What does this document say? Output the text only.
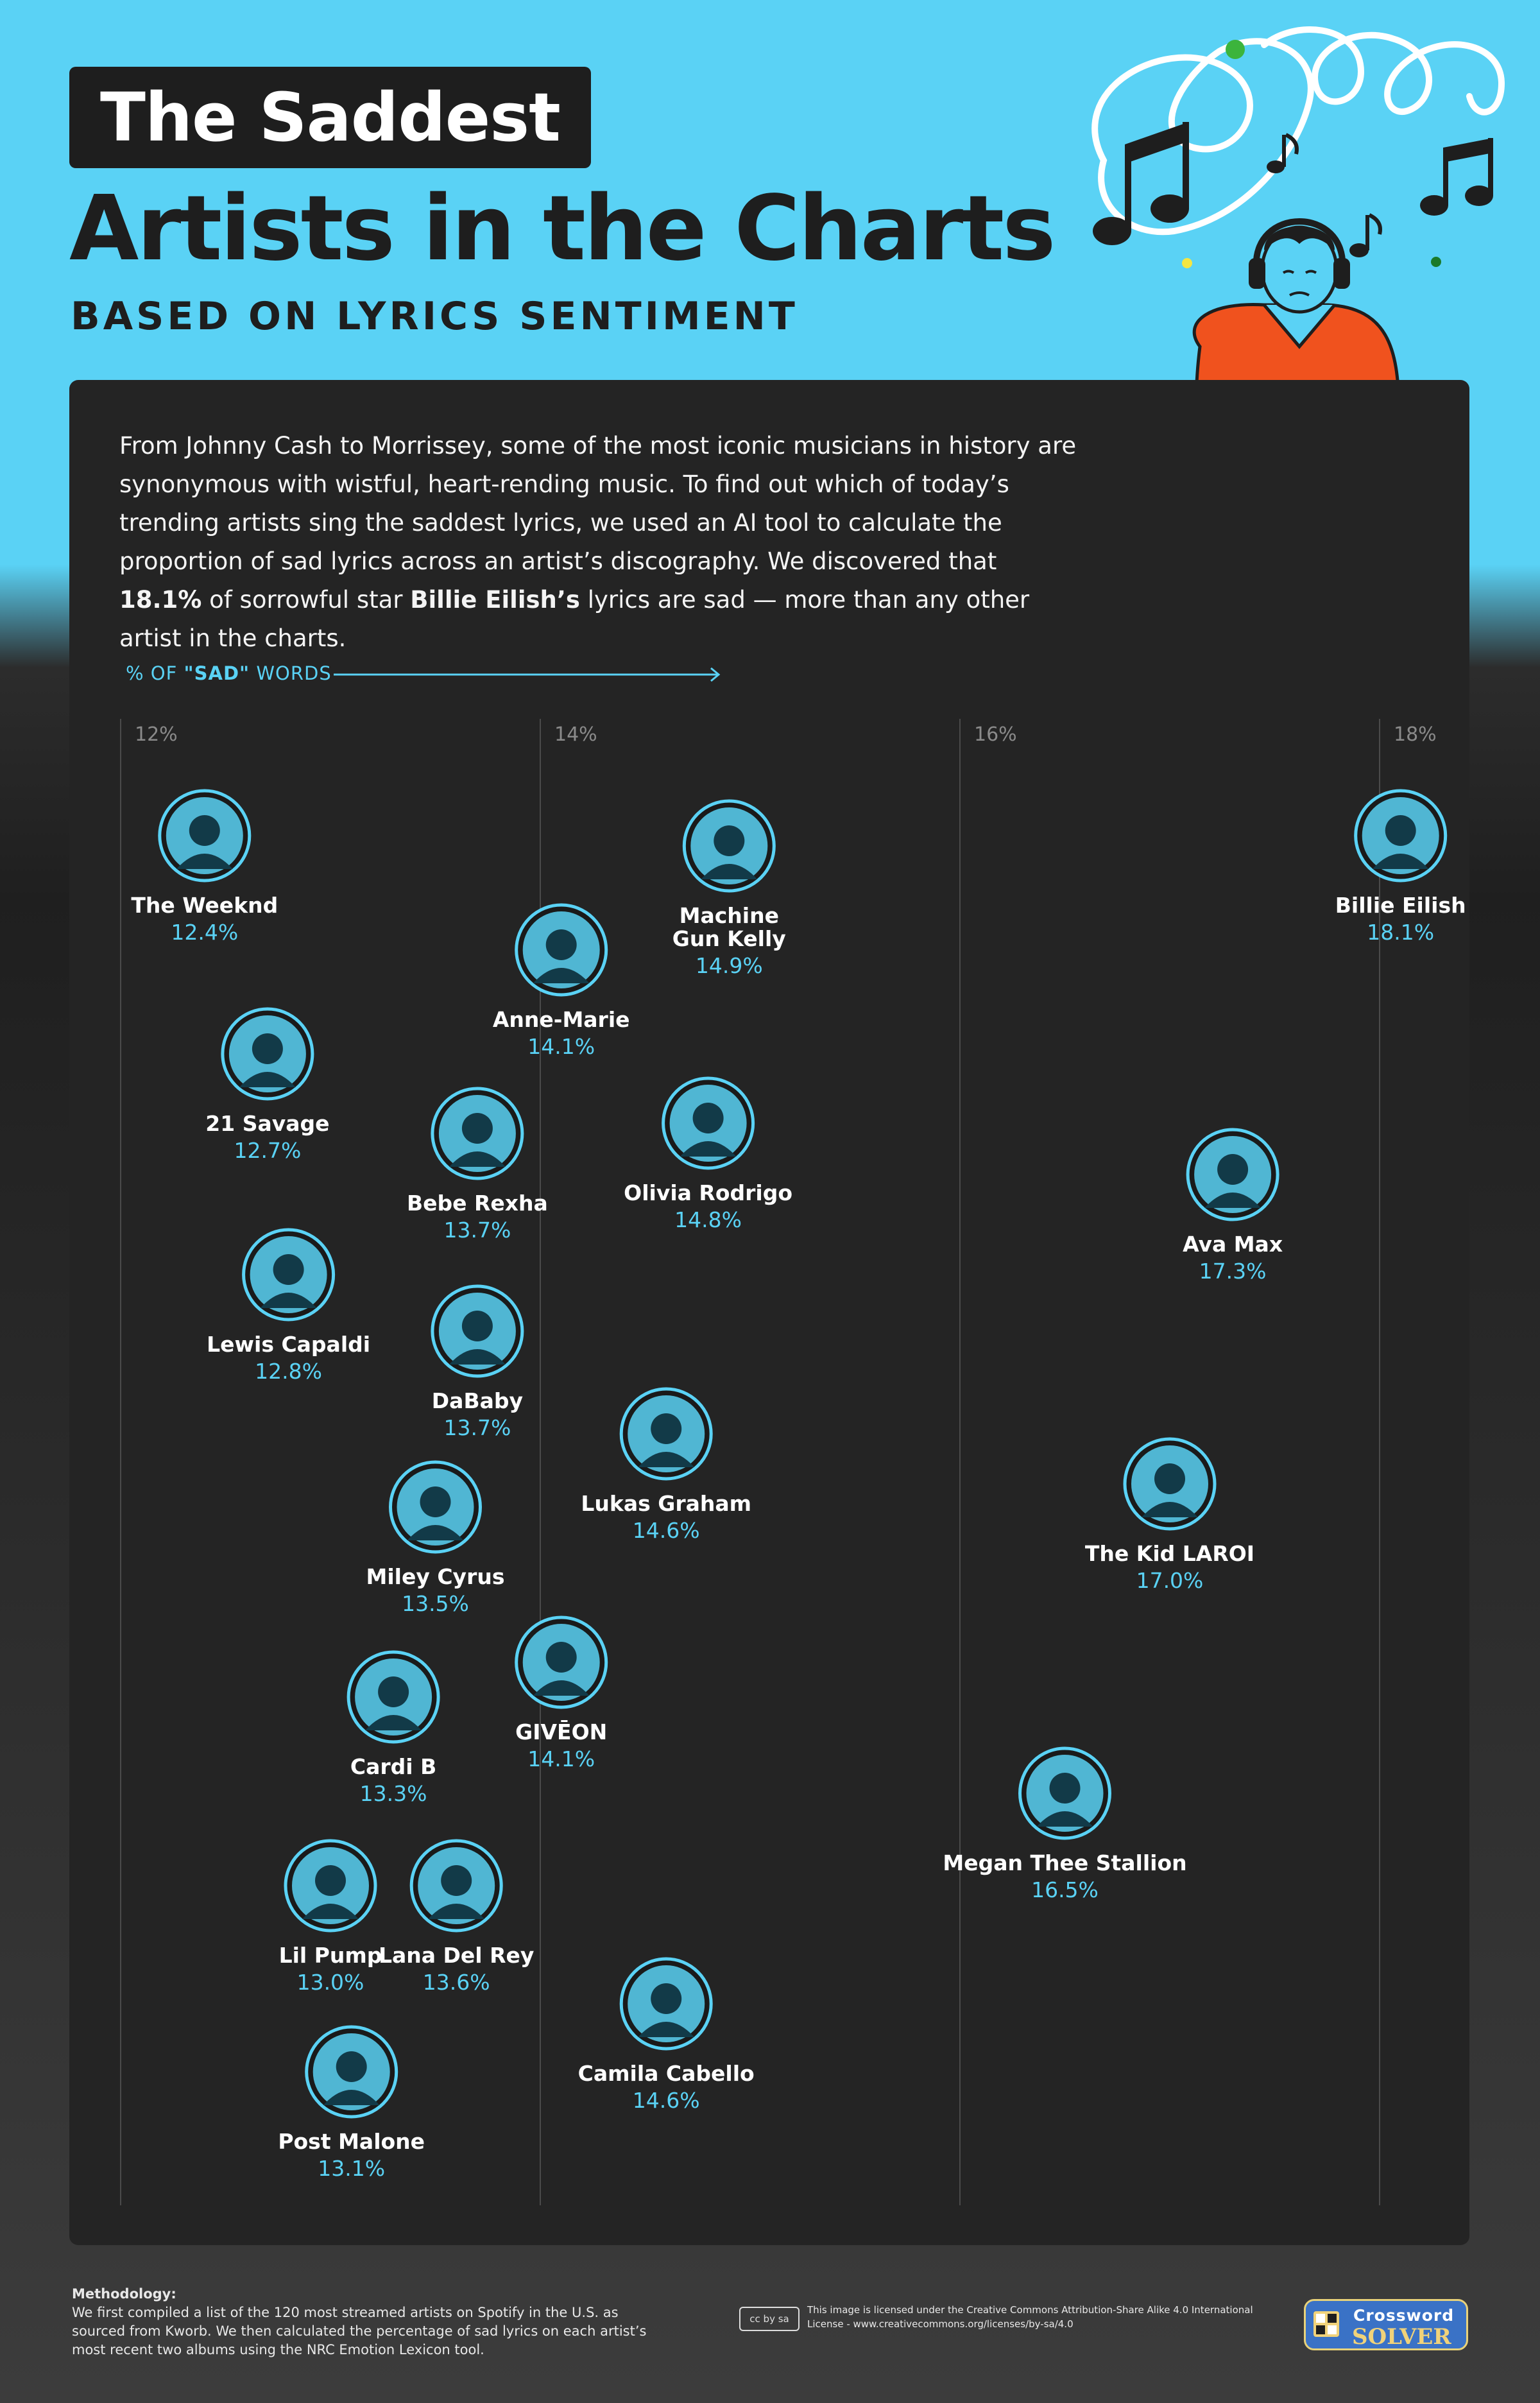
The Saddest
Artists in the Charts
BASED ON LYRICS SENTIMENT

From Johnny Cash to Morrissey, some of the most iconic musicians in history are synonymous with wistful, heart-rending music. To find out which of today’s trending artists sing the saddest lyrics, we used an AI tool to calculate the proportion of sad lyrics across an artist’s discography. We discovered that 18.1% of sorrowful star Billie Eilish’s lyrics are sad — more than any other artist in the charts.

% OF "SAD" WORDS
12%	14%	16%	18%
The Weeknd
12.4%
Machine
Gun Kelly
14.9%
Billie Eilish
18.1%
Anne-Marie
14.1%
21 Savage
12.7%
Bebe Rexha
13.7%
Olivia Rodrigo
14.8%
Ava Max
17.3%
Lewis Capaldi
12.8%
DaBaby
13.7%
Lukas Graham
14.6%
The Kid LAROI
17.0%
Miley Cyrus
13.5%
GIVĒON
14.1%
Cardi B
13.3%
Megan Thee Stallion
16.5%
Lil Pump
13.0%
Lana Del Rey
13.6%
Camila Cabello
14.6%
Post Malone
13.1%
Methodology:
We first compiled a list of the 120 most streamed artists on Spotify in the U.S. as sourced from Kworb. We then calculated the percentage of sad lyrics on each artist’s most recent two albums using the NRC Emotion Lexicon tool.
cc by sa
This image is licensed under the Creative Commons Attribution-Share Alike 4.0 International License - www.creativecommons.org/licenses/by-sa/4.0	Crossword
SOLVER
